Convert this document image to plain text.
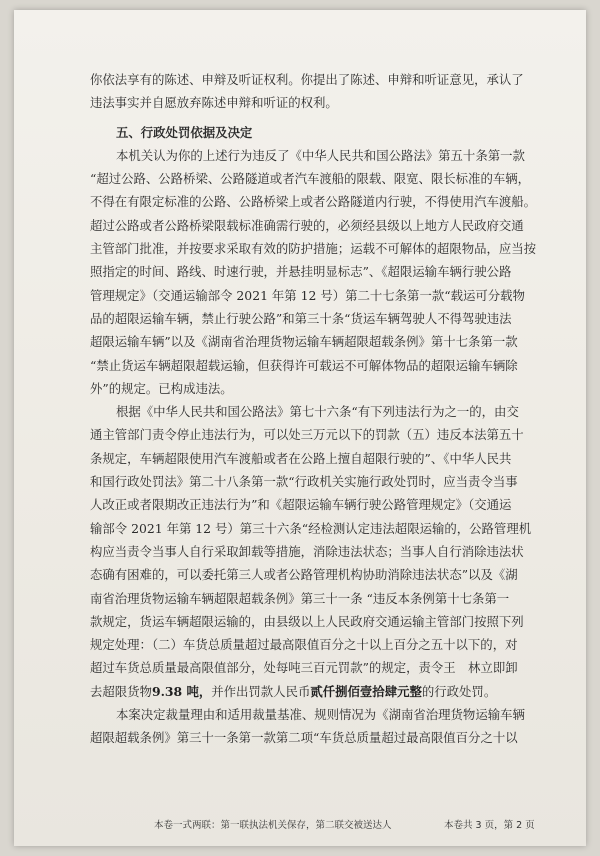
你依法享有的陈述、申辩及听证权利。你提出了陈述、申辩和听证意见，承认了
违法事实并自愿放弃陈述申辩和听证的权利。
五、行政处罚依据及决定
本机关认为你的上述行为违反了《中华人民共和国公路法》第五十条第一款
“超过公路、公路桥梁、公路隧道或者汽车渡船的限载、限宽、限长标准的车辆，
不得在有限定标准的公路、公路桥梁上或者公路隧道内行驶，不得使用汽车渡船。
超过公路或者公路桥梁限载标准确需行驶的，必须经县级以上地方人民政府交通
主管部门批准，并按要求采取有效的防护措施；运载不可解体的超限物品，应当按
照指定的时间、路线、时速行驶，并悬挂明显标志”、《超限运输车辆行驶公路
管理规定》（交通运输部令 2021 年第 12 号）第二十七条第一款“载运可分载物
品的超限运输车辆，禁止行驶公路”和第三十条“货运车辆驾驶人不得驾驶违法
超限运输车辆”以及《湖南省治理货物运输车辆超限超载条例》第十七条第一款
“禁止货运车辆超限超载运输，但获得许可载运不可解体物品的超限运输车辆除
外”的规定。已构成违法。
根据《中华人民共和国公路法》第七十六条“有下列违法行为之一的，由交
通主管部门责令停止违法行为，可以处三万元以下的罚款（五）违反本法第五十
条规定，车辆超限使用汽车渡船或者在公路上擅自超限行驶的”、《中华人民共
和国行政处罚法》第二十八条第一款“行政机关实施行政处罚时，应当责令当事
人改正或者限期改正违法行为”和《超限运输车辆行驶公路管理规定》（交通运
输部令 2021 年第 12 号）第三十六条“经检测认定违法超限运输的，公路管理机
构应当责令当事人自行采取卸载等措施，消除违法状态；当事人自行消除违法状
态确有困难的，可以委托第三人或者公路管理机构协助消除违法状态”以及《湖
南省治理货物运输车辆超限超载条例》第三十一条 “违反本条例第十七条第一
款规定，货运车辆超限运输的，由县级以上人民政府交通运输主管部门按照下列
规定处理：（二）车货总质量超过最高限值百分之十以上百分之五十以下的，对
超过车货总质量最高限值部分，处每吨三百元罚款”的规定，责令王　林立即卸
去超限货物9.38 吨，并作出罚款人民币贰仟捌佰壹拾肆元整的行政处罚。
本案决定裁量理由和适用裁量基准、规则情况为《湖南省治理货物运输车辆
超限超载条例》第三十一条第一款第二项“车货总质量超过最高限值百分之十以
本卷一式两联：第一联执法机关保存，第二联交被送达人	本卷共 3 页，第 2 页
